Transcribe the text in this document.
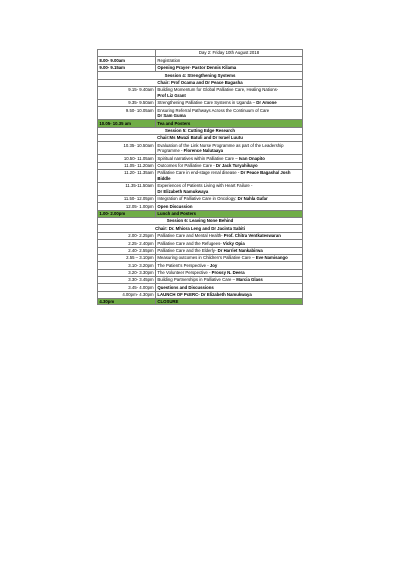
	Day 2: Friday 10th August 2018
8.00- 9.00am	Registration
9.00- 9.15am	Opening Prayer- Pastor Dennis Kilama
Session 4: Strengthening Systems	
Chair: Prof Ocama and Dr Peace Bagasha	
9.15- 9.40am	Building Momentum for Global Palliative Care, Healing Nations-
Prof Liz Grant
9.35- 9.50am	Strengthening Palliative Care Systems in Uganda – Dr Amone
9.50- 10.05am	Ensuring Referral Pathways Across the Continuum of Care
Dr Sam Guma
10.05- 10.35 am	Tea and Posters
Session 5: Cutting Edge Research	
Chair:Ms Mwazi Batuli and Dr Israel Luutu	
10.35- 10.50am	Evaluation of the Link Nurse Programme as part of the Leadership Programme - Florence Nalutaaya
10.50- 11.05am	Spiritual narratives within Palliative Care – Ivan Onapito
11.05- 11.20am	Outcomes for Palliative Care - Dr Jack Turyahikayo
11.20- 11.35am	Palliative Care in end-stage renal disease - Dr Peace Bagasha/ Josh Biddle
11.35-11.50am	Experiences of Patients Living with Heart Failure -
Dr Elizabeth Namukwaya
11.50- 12.05pm	Integration of Palliative Care in Oncology: Dr Nahla Gafar
12.05- 1.00pm	Open Discussion
1.00- 2.00pm	Lunch and Posters
Session 6: Leaving None Behind	
Chair: Dr. Mhiora Leng and Dr Jacinta Sabiti	
2.00- 2.25pm	Palliative Care and Mental Health- Prof. Chitra Ventkateswaran
2.25- 2.40pm	Palliative Care and the Refugees- Vicky Opia
2.40- 2.55pm	Palliative Care and the Elderly- Dr Harriet Nankabirwa
2.55 – 3.10pm	Measuring outcomes in Children’s Palliative Care – Eve Namisango
3.10- 3.20pm	The Patient’s Perspective - Joy
3.20- 3.30pm	The Volunteer Perspective - Prossy N. Deera
3.30- 3.45pm	Building Partnerships in Palliative Care – Marcia Glass
3.45- 4.00pm	Questions and Discussions
4.00pm- 4.30pm	LAUNCH OF PcERC- Dr Elizabeth Namukwaya
4.30pm	CLOSURE
